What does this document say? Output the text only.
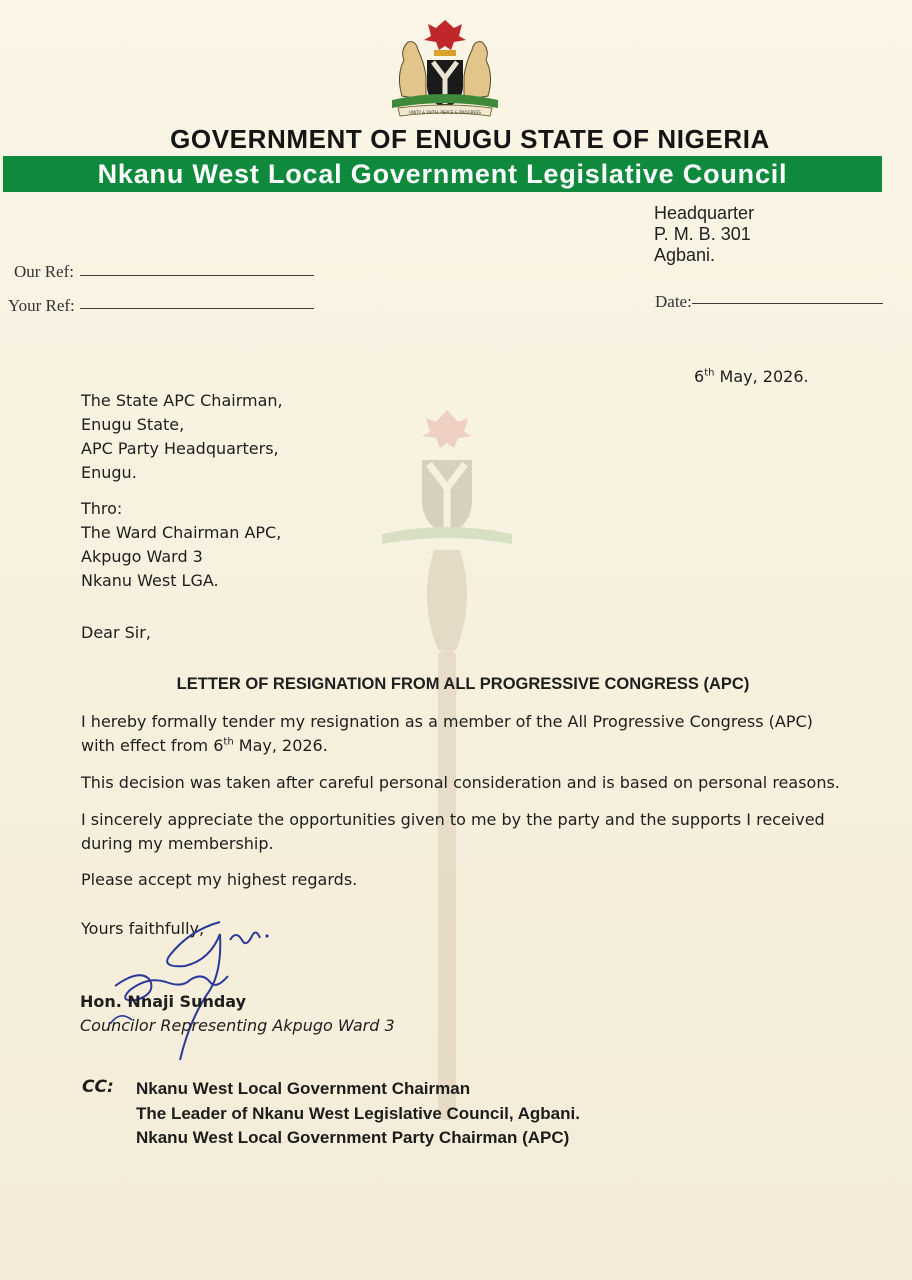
UNITY & FAITH, PEACE & PROGRESS
GOVERNMENT OF ENUGU STATE OF NIGERIA
Nkanu West Local Government Legislative Council
Headquarter
P. M. B. 301
Agbani.
Our Ref:
Your Ref:	Date:
6th May, 2026.
The State APC Chairman,
Enugu State,
APC Party Headquarters,
Enugu.
Thro:
The Ward Chairman APC,
Akpugo Ward 3
Nkanu West LGA.
Dear Sir,
LETTER OF RESIGNATION FROM ALL PROGRESSIVE CONGRESS (APC)
I hereby formally tender my resignation as a member of the All Progressive Congress (APC)
with effect from 6th May, 2026.
This decision was taken after careful personal consideration and is based on personal reasons.
I sincerely appreciate the opportunities given to me by the party and the supports I received
during my membership.
Please accept my highest regards.
Yours faithfully,
Hon. Nnaji Sunday
Councilor Representing Akpugo Ward 3
CC: Nkanu West Local Government Chairman
The Leader of Nkanu West Legislative Council, Agbani.
Nkanu West Local Government Party Chairman (APC)
